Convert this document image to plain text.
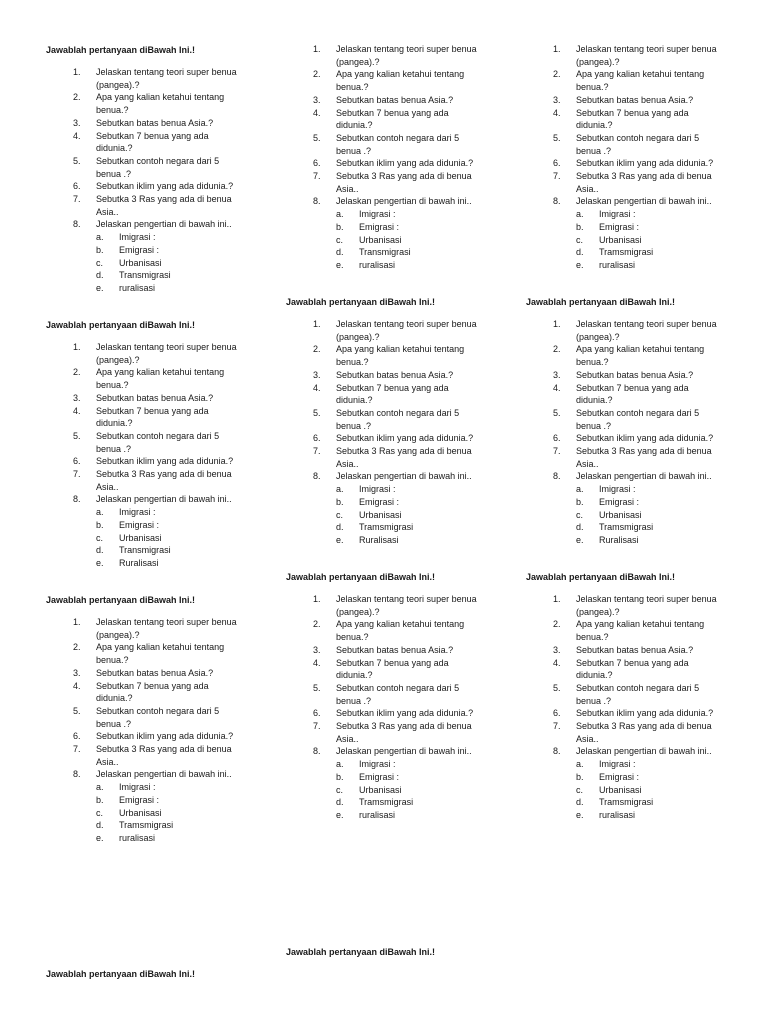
Jawablah pertanyaan diBawah Ini.!
Jawablah pertanyaan diBawah Ini.!	Jawablah pertanyaan diBawah Ini.!
Jawablah pertanyaan diBawah Ini.!
Jawablah pertanyaan diBawah Ini.!	Jawablah pertanyaan diBawah Ini.!
Jawablah pertanyaan diBawah Ini.!
Jawablah pertanyaan diBawah Ini.!
Jawablah pertanyaan diBawah Ini.!
1. Jelaskan tentang teori super benua (pangea).?
2. Apa yang kalian ketahui tentang benua.?
3. Sebutkan batas benua Asia.?
4. Sebutkan 7 benua yang ada didunia.?
5. Sebutkan contoh negara dari 5 benua .?
6. Sebutkan iklim yang ada didunia.?
7. Sebutka 3 Ras yang ada di benua Asia..
8. Jelaskan pengertian di bawah ini..
a. Imigrasi :
b. Emigrasi :
c. Urbanisasi
d. Transmigrasi
e. ruralisasi
1. Jelaskan tentang teori super benua (pangea).?
2. Apa yang kalian ketahui tentang benua.?
3. Sebutkan batas benua Asia.?
4. Sebutkan 7 benua yang ada didunia.?
5. Sebutkan contoh negara dari 5 benua .?
6. Sebutkan iklim yang ada didunia.?
7. Sebutka 3 Ras yang ada di benua Asia..
8. Jelaskan pengertian di bawah ini..
a. Imigrasi :
b. Emigrasi :
c. Urbanisasi
d. Transmigrasi
e. ruralisasi
1. Jelaskan tentang teori super benua (pangea).?
2. Apa yang kalian ketahui tentang benua.?
3. Sebutkan batas benua Asia.?
4. Sebutkan 7 benua yang ada didunia.?
5. Sebutkan contoh negara dari 5 benua .?
6. Sebutkan iklim yang ada didunia.?
7. Sebutka 3 Ras yang ada di benua Asia..
8. Jelaskan pengertian di bawah ini..
a. Imigrasi :
b. Emigrasi :
c. Urbanisasi
d. Tramsmigrasi
e. ruralisasi
1. Jelaskan tentang teori super benua (pangea).?
2. Apa yang kalian ketahui tentang benua.?
3. Sebutkan batas benua Asia.?
4. Sebutkan 7 benua yang ada didunia.?
5. Sebutkan contoh negara dari 5 benua .?
6. Sebutkan iklim yang ada didunia.?
7. Sebutka 3 Ras yang ada di benua Asia..
8. Jelaskan pengertian di bawah ini..
a. Imigrasi :
b. Emigrasi :
c. Urbanisasi
d. Transmigrasi
e. Ruralisasi
1. Jelaskan tentang teori super benua (pangea).?
2. Apa yang kalian ketahui tentang benua.?
3. Sebutkan batas benua Asia.?
4. Sebutkan 7 benua yang ada didunia.?
5. Sebutkan contoh negara dari 5 benua .?
6. Sebutkan iklim yang ada didunia.?
7. Sebutka 3 Ras yang ada di benua Asia..
8. Jelaskan pengertian di bawah ini..
a. Imigrasi :
b. Emigrasi :
c. Urbanisasi
d. Tramsmigrasi
e. Ruralisasi
1. Jelaskan tentang teori super benua (pangea).?
2. Apa yang kalian ketahui tentang benua.?
3. Sebutkan batas benua Asia.?
4. Sebutkan 7 benua yang ada didunia.?
5. Sebutkan contoh negara dari 5 benua .?
6. Sebutkan iklim yang ada didunia.?
7. Sebutka 3 Ras yang ada di benua Asia..
8. Jelaskan pengertian di bawah ini..
a. Imigrasi :
b. Emigrasi :
c. Urbanisasi
d. Tramsmigrasi
e. Ruralisasi
1. Jelaskan tentang teori super benua (pangea).?
2. Apa yang kalian ketahui tentang benua.?
3. Sebutkan batas benua Asia.?
4. Sebutkan 7 benua yang ada didunia.?
5. Sebutkan contoh negara dari 5 benua .?
6. Sebutkan iklim yang ada didunia.?
7. Sebutka 3 Ras yang ada di benua Asia..
8. Jelaskan pengertian di bawah ini..
a. Imigrasi :
b. Emigrasi :
c. Urbanisasi
d. Tramsmigrasi
e. ruralisasi
1. Jelaskan tentang teori super benua (pangea).?
2. Apa yang kalian ketahui tentang benua.?
3. Sebutkan batas benua Asia.?
4. Sebutkan 7 benua yang ada didunia.?
5. Sebutkan contoh negara dari 5 benua .?
6. Sebutkan iklim yang ada didunia.?
7. Sebutka 3 Ras yang ada di benua Asia..
8. Jelaskan pengertian di bawah ini..
a. Imigrasi :
b. Emigrasi :
c. Urbanisasi
d. Tramsmigrasi
e. ruralisasi
1. Jelaskan tentang teori super benua (pangea).?
2. Apa yang kalian ketahui tentang benua.?
3. Sebutkan batas benua Asia.?
4. Sebutkan 7 benua yang ada didunia.?
5. Sebutkan contoh negara dari 5 benua .?
6. Sebutkan iklim yang ada didunia.?
7. Sebutka 3 Ras yang ada di benua Asia..
8. Jelaskan pengertian di bawah ini..
a. Imigrasi :
b. Emigrasi :
c. Urbanisasi
d. Tramsmigrasi
e. ruralisasi
